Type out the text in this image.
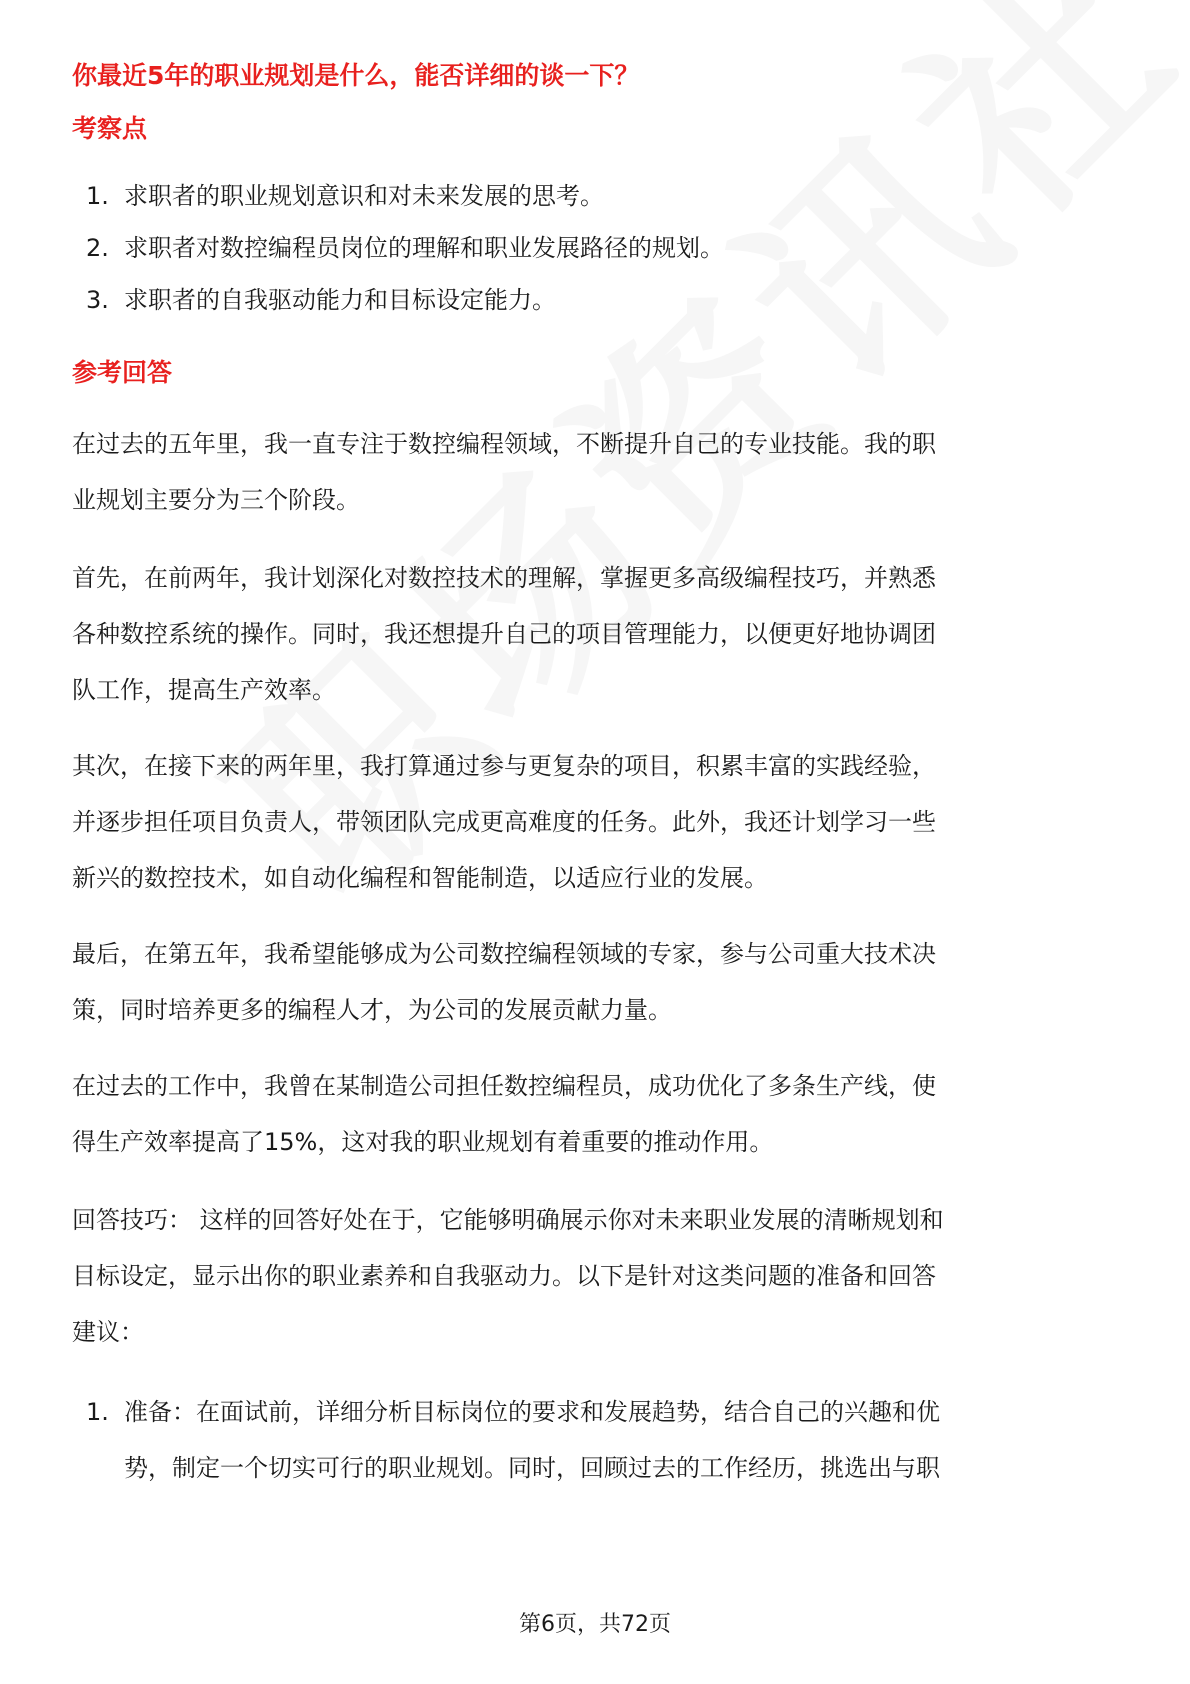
你最近5年的职业规划是什么，能否详细的谈一下？
考察点
1. 求职者的职业规划意识和对未来发展的思考。
2. 求职者对数控编程员岗位的理解和职业发展路径的规划。
3. 求职者的自我驱动能力和目标设定能力。
参考回答

在过去的五年里，我一直专注于数控编程领域，不断提升自己的专业技能。我的职
业规划主要分为三个阶段。

首先，在前两年，我计划深化对数控技术的理解，掌握更多高级编程技巧，并熟悉
各种数控系统的操作。同时，我还想提升自己的项目管理能力，以便更好地协调团
队工作，提高生产效率。

其次，在接下来的两年里，我打算通过参与更复杂的项目，积累丰富的实践经验，
并逐步担任项目负责人，带领团队完成更高难度的任务。此外，我还计划学习一些
新兴的数控技术，如自动化编程和智能制造，以适应行业的发展。

最后，在第五年，我希望能够成为公司数控编程领域的专家，参与公司重大技术决
策，同时培养更多的编程人才，为公司的发展贡献力量。

在过去的工作中，我曾在某制造公司担任数控编程员，成功优化了多条生产线，使
得生产效率提高了15%，这对我的职业规划有着重要的推动作用。

回答技巧： 这样的回答好处在于，它能够明确展示你对未来职业发展的清晰规划和
目标设定，显示出你的职业素养和自我驱动力。以下是针对这类问题的准备和回答
建议：

1. 准备：在面试前，详细分析目标岗位的要求和发展趋势，结合自己的兴趣和优
势，制定一个切实可行的职业规划。同时，回顾过去的工作经历，挑选出与职
第6页，共72页
